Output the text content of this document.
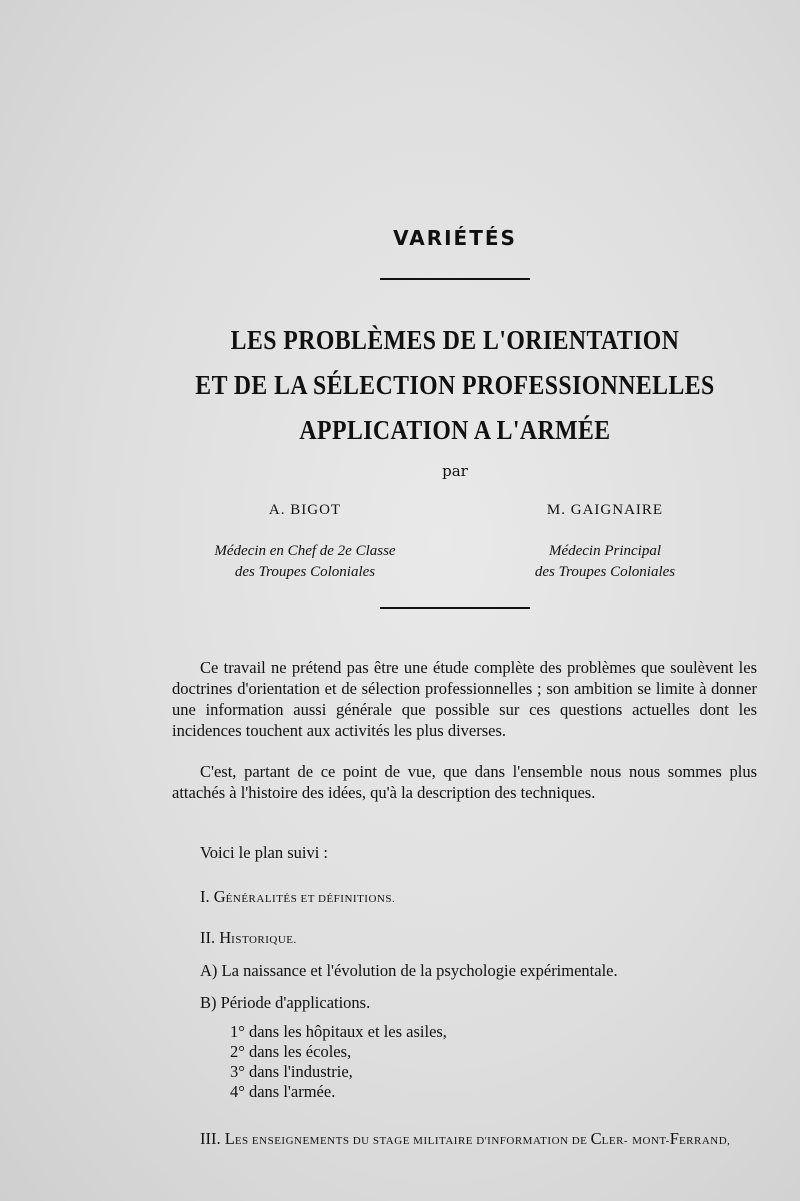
VARIÉTÉS
LES PROBLÈMES DE L'ORIENTATION
ET DE LA SÉLECTION PROFESSIONNELLES
APPLICATION A L'ARMÉE
par
A. BIGOT
Médecin en Chef de 2e Classe
des Troupes Coloniales
M. GAIGNAIRE
Médecin Principal
des Troupes Coloniales
Ce travail ne prétend pas être une étude complète des problèmes que soulèvent les doctrines d'orientation et de sélection professionnelles ; son ambition se limite à donner une information aussi générale que possible sur ces questions actuelles dont les incidences touchent aux activités les plus diverses.
C'est, partant de ce point de vue, que dans l'ensemble nous nous sommes plus attachés à l'histoire des idées, qu'à la description des techniques.
Voici le plan suivi :
I. GÉNÉRALITÉS ET DÉFINITIONS.
II. HISTORIQUE.
A) La naissance et l'évolution de la psychologie expérimentale.
B) Période d'applications.
1° dans les hôpitaux et les asiles,
2° dans les écoles,
3° dans l'industrie,
4° dans l'armée.
III. LES ENSEIGNEMENTS DU STAGE MILITAIRE D'INFORMATION DE CLER- MONT-FERRAND,
